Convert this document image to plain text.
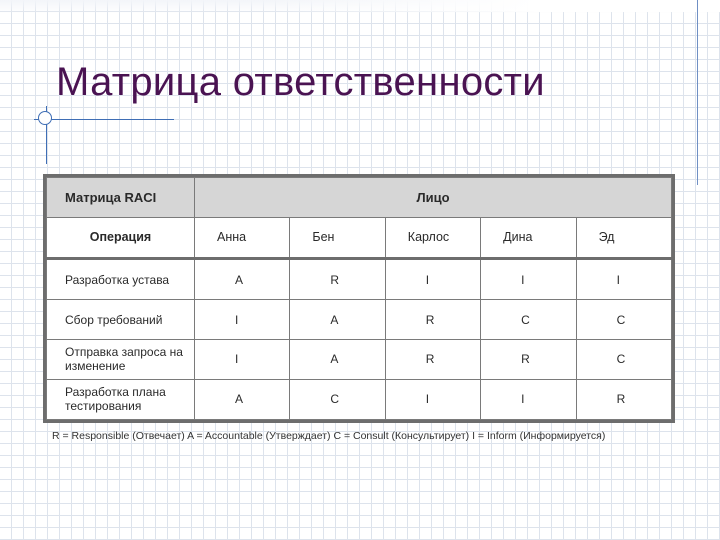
Матрица ответственности
Матрица RACI	Лицо				
Операция	Анна	Бен	Карлос	Дина	Эд
Разработка устава	A	R	I	I	I
Сбор требований	I	A	R	C	C
Отправка запроса на изменение	I	A	R	R	C
Разработка плана тестирования	A	C	I	I	R

R = Responsible (Отвечает) A = Accountable (Утверждает) C = Consult (Консультирует) I = Inform (Информируется)
